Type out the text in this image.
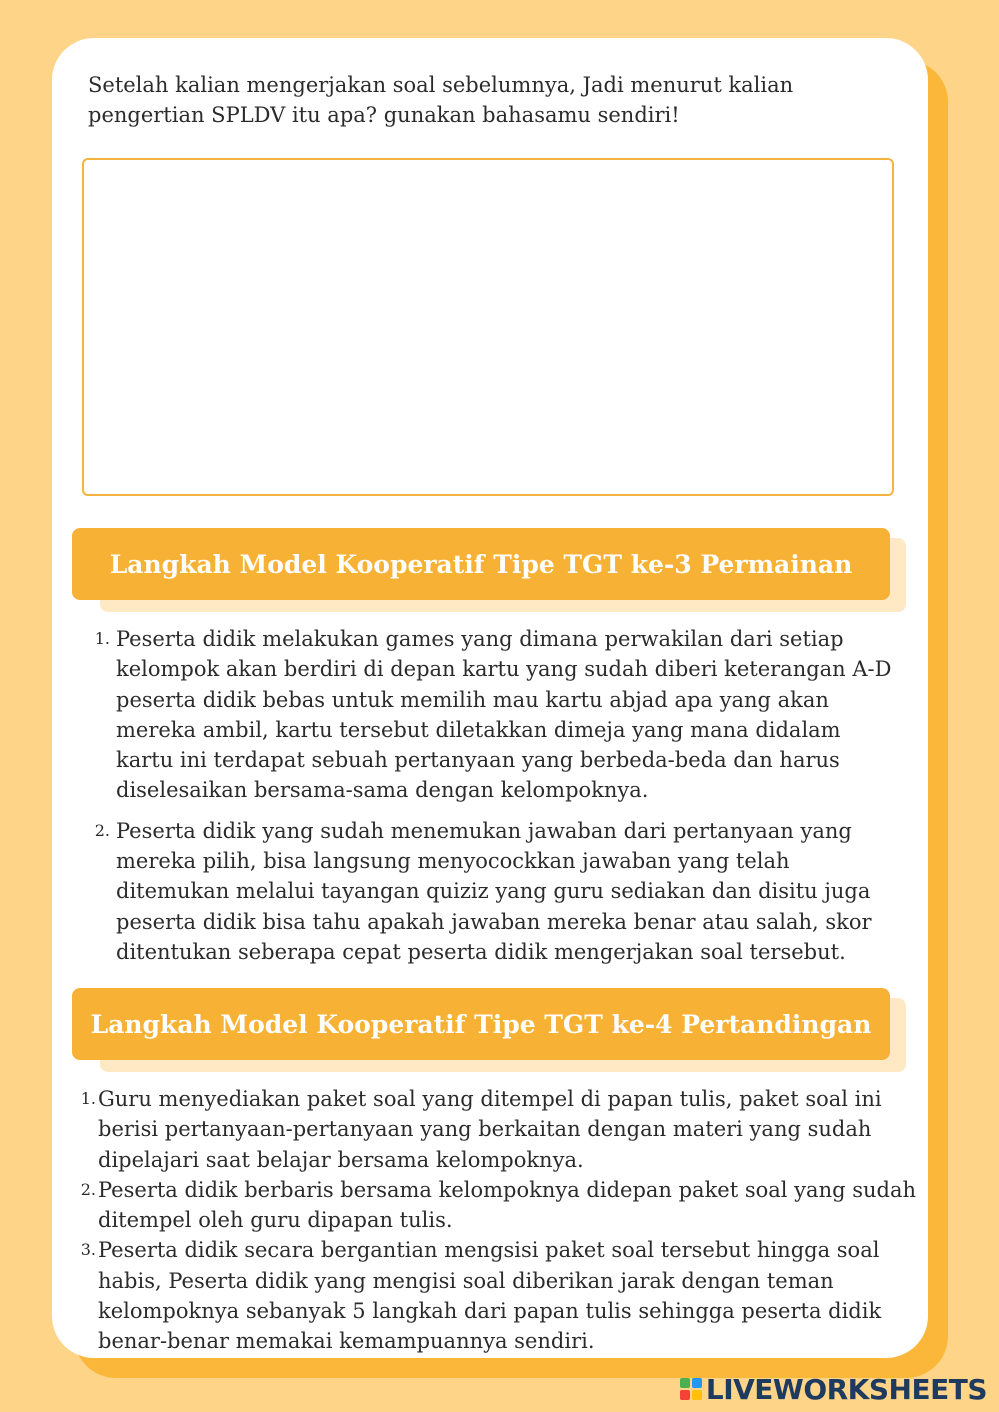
Setelah kalian mengerjakan soal sebelumnya, Jadi menurut kalian pengertian SPLDV itu apa? gunakan bahasamu sendiri!

Langkah Model Kooperatif Tipe TGT ke-3 Permainan
1. Peserta didik melakukan games yang dimana perwakilan dari setiap kelompok akan berdiri di depan kartu yang sudah diberi keterangan A-D peserta didik bebas untuk memilih mau kartu abjad apa yang akan mereka ambil, kartu tersebut diletakkan dimeja yang mana didalam kartu ini terdapat sebuah pertanyaan yang berbeda-beda dan harus diselesaikan bersama-sama dengan kelompoknya.
2. Peserta didik yang sudah menemukan jawaban dari pertanyaan yang mereka pilih, bisa langsung menyocockkan jawaban yang telah ditemukan melalui tayangan quiziz yang guru sediakan dan disitu juga peserta didik bisa tahu apakah jawaban mereka benar atau salah, skor ditentukan seberapa cepat peserta didik mengerjakan soal tersebut.
Langkah Model Kooperatif Tipe TGT ke-4 Pertandingan
1. Guru menyediakan paket soal yang ditempel di papan tulis, paket soal ini berisi pertanyaan-pertanyaan yang berkaitan dengan materi yang sudah dipelajari saat belajar bersama kelompoknya.
2. Peserta didik berbaris bersama kelompoknya didepan paket soal yang sudah ditempel oleh guru dipapan tulis.
3. Peserta didik secara bergantian mengsisi paket soal tersebut hingga soal habis, Peserta didik yang mengisi soal diberikan jarak dengan teman kelompoknya sebanyak 5 langkah dari papan tulis sehingga peserta didik benar-benar memakai kemampuannya sendiri.
LIVEWORKSHEETS
